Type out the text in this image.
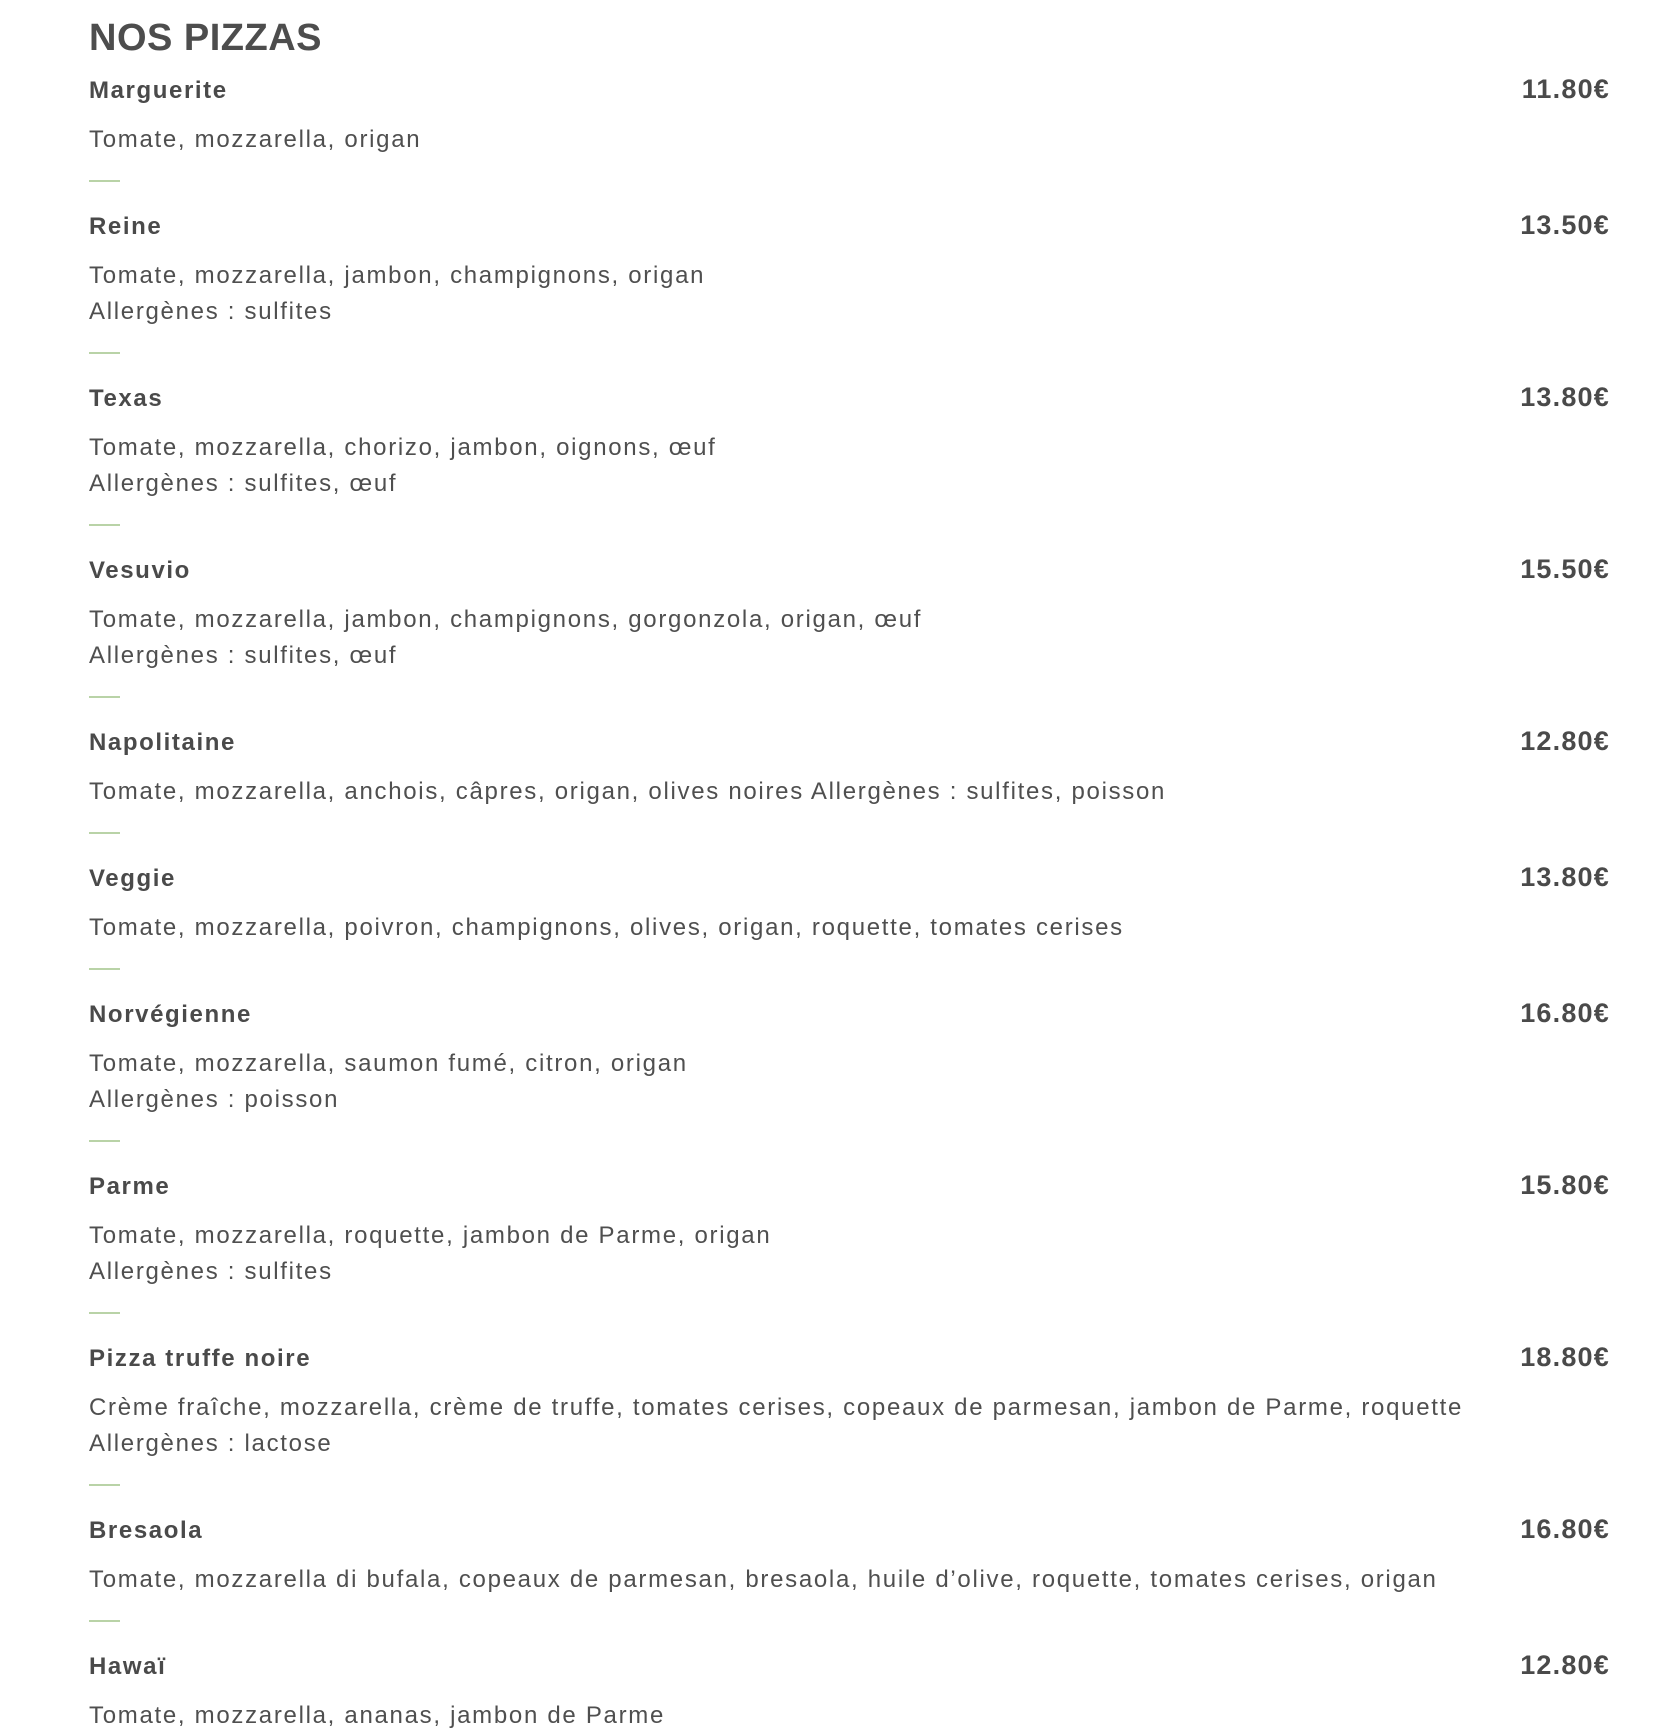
NOS PIZZAS
Marguerite	11.80€
Tomate, mozzarella, origan
Reine	13.50€
Tomate, mozzarella, jambon, champignons, origan
Allergènes : sulfites
Texas	13.80€
Tomate, mozzarella, chorizo, jambon, oignons, œuf
Allergènes : sulfites, œuf
Vesuvio	15.50€
Tomate, mozzarella, jambon, champignons, gorgonzola, origan, œuf
Allergènes : sulfites, œuf
Napolitaine	12.80€
Tomate, mozzarella, anchois, câpres, origan, olives noires Allergènes : sulfites, poisson
Veggie	13.80€
Tomate, mozzarella, poivron, champignons, olives, origan, roquette, tomates cerises
Norvégienne	16.80€
Tomate, mozzarella, saumon fumé, citron, origan
Allergènes : poisson
Parme	15.80€
Tomate, mozzarella, roquette, jambon de Parme, origan
Allergènes : sulfites
Pizza truffe noire	18.80€
Crème fraîche, mozzarella, crème de truffe, tomates cerises, copeaux de parmesan, jambon de Parme, roquette
Allergènes : lactose
Bresaola	16.80€
Tomate, mozzarella di bufala, copeaux de parmesan, bresaola, huile d’olive, roquette, tomates cerises, origan
Hawaï	12.80€
Tomate, mozzarella, ananas, jambon de Parme
